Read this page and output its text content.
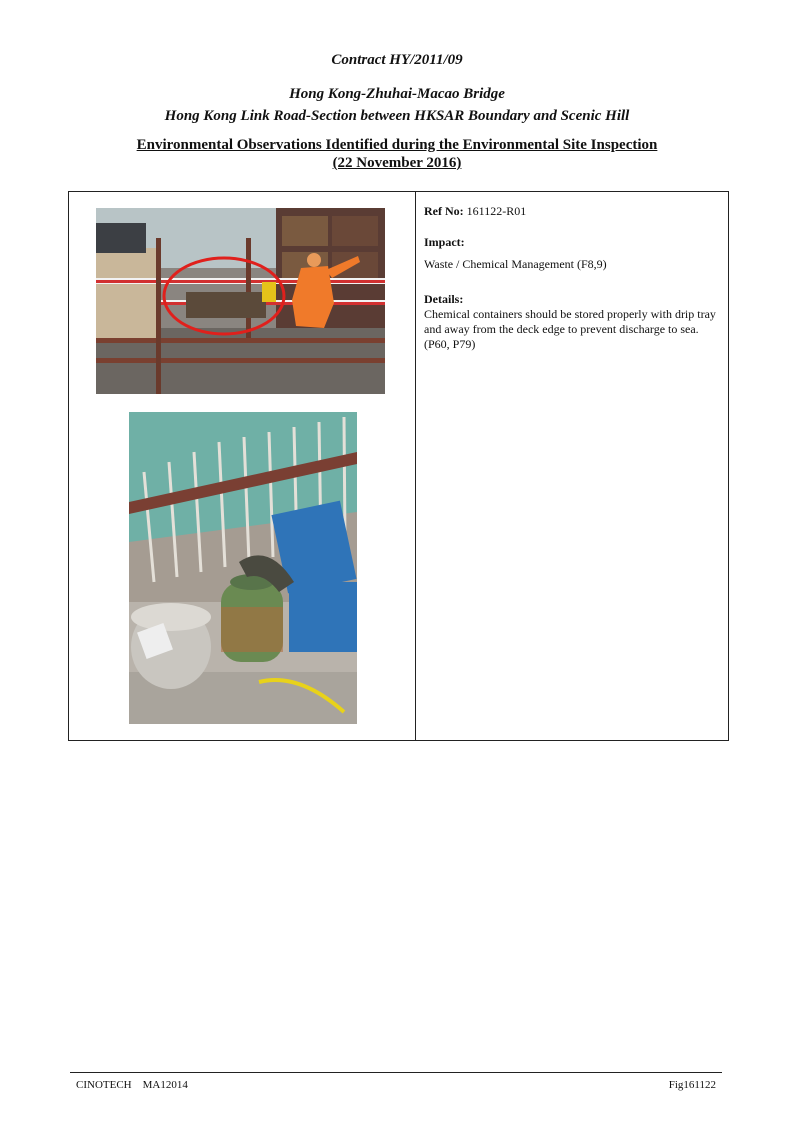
Contract HY/2011/09
Hong Kong-Zhuhai-Macao Bridge
Hong Kong Link Road-Section between HKSAR Boundary and Scenic Hill
Environmental Observations Identified during the Environmental Site Inspection
(22 November 2016)
Ref No: 161122-R01
Impact:
Waste / Chemical Management (F8,9)
Details:
Chemical containers should be stored properly with drip tray and away from the deck edge to prevent discharge to sea. (P60, P79)
CINOTECH    MA12014	Fig161122
